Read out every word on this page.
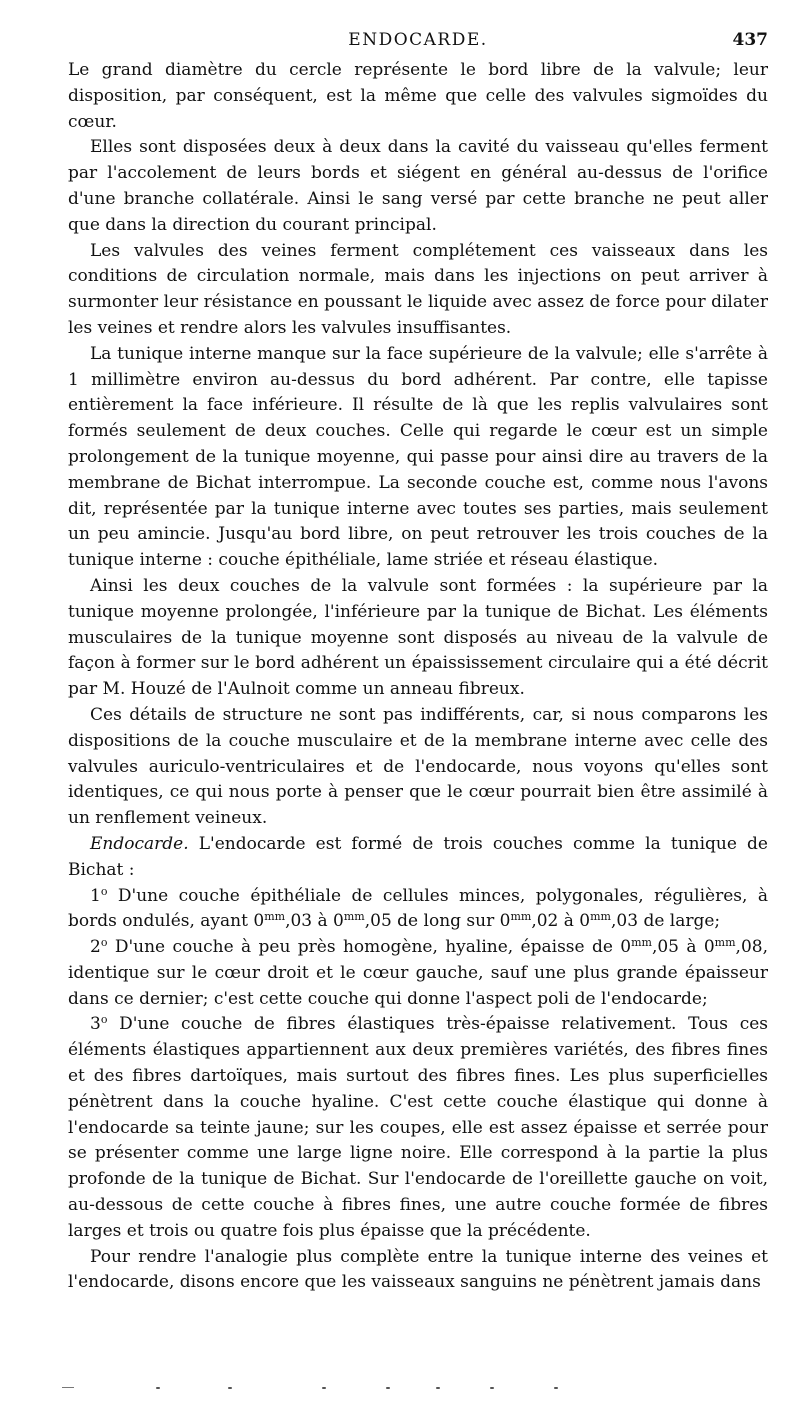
ENDOCARDE.	437

Le grand diamètre du cercle représente le bord libre de la valvule; leur disposition, par conséquent, est la même que celle des valvules sigmoïdes du cœur.

Elles sont disposées deux à deux dans la cavité du vaisseau qu'elles ferment par l'accolement de leurs bords et siégent en général au-dessus de l'orifice d'une branche collatérale. Ainsi le sang versé par cette branche ne peut aller que dans la direction du courant principal.

Les valvules des veines ferment complétement ces vaisseaux dans les conditions de circulation normale, mais dans les injections on peut arriver à surmonter leur résistance en poussant le liquide avec assez de force pour dilater les veines et rendre alors les valvules insuffisantes.

La tunique interne manque sur la face supérieure de la valvule; elle s'arrête à 1 millimètre environ au-dessus du bord adhérent. Par contre, elle tapisse entièrement la face inférieure. Il résulte de là que les replis valvulaires sont formés seulement de deux couches. Celle qui regarde le cœur est un simple prolongement de la tunique moyenne, qui passe pour ainsi dire au travers de la membrane de Bichat interrompue. La seconde couche est, comme nous l'avons dit, représentée par la tunique interne avec toutes ses parties, mais seulement un peu amincie. Jusqu'au bord libre, on peut retrouver les trois couches de la tunique interne : couche épithéliale, lame striée et réseau élastique.

Ainsi les deux couches de la valvule sont formées : la supérieure par la tunique moyenne prolongée, l'inférieure par la tunique de Bichat. Les éléments musculaires de la tunique moyenne sont disposés au niveau de la valvule de façon à former sur le bord adhérent un épaississement circulaire qui a été décrit par M. Houzé de l'Aulnoit comme un anneau fibreux.

Ces détails de structure ne sont pas indifférents, car, si nous comparons les dispositions de la couche musculaire et de la membrane interne avec celle des valvules auriculo-ventriculaires et de l'endocarde, nous voyons qu'elles sont identiques, ce qui nous porte à penser que le cœur pourrait bien être assimilé à un renflement veineux.

Endocarde. L'endocarde est formé de trois couches comme la tunique de Bichat :

1$^o$ D'une couche épithéliale de cellules minces, polygonales, régulières, à bords ondulés, ayant $0^{mm},03$ à $0^{mm},05$ de long sur $0^{mm},02$ à $0^{mm},03$ de large;

2$^o$ D'une couche à peu près homogène, hyaline, épaisse de $0^{mm},05$ à $0^{mm},08$, identique sur le cœur droit et le cœur gauche, sauf une plus grande épaisseur dans ce dernier; c'est cette couche qui donne l'aspect poli de l'endocarde;

3$^o$ D'une couche de fibres élastiques très-épaisse relativement. Tous ces éléments élastiques appartiennent aux deux premières variétés, des fibres fines et des fibres dartoïques, mais surtout des fibres fines. Les plus superficielles pénètrent dans la couche hyaline. C'est cette couche élastique qui donne à l'endocarde sa teinte jaune; sur les coupes, elle est assez épaisse et serrée pour se présenter comme une large ligne noire. Elle correspond à la partie la plus profonde de la tunique de Bichat. Sur l'endocarde de l'oreillette gauche on voit, au-dessous de cette couche à fibres fines, une autre couche formée de fibres larges et trois ou quatre fois plus épaisse que la précédente.

Pour rendre l'analogie plus complète entre la tunique interne des veines et l'endocarde, disons encore que les vaisseaux sanguins ne pénètrent jamais dans
